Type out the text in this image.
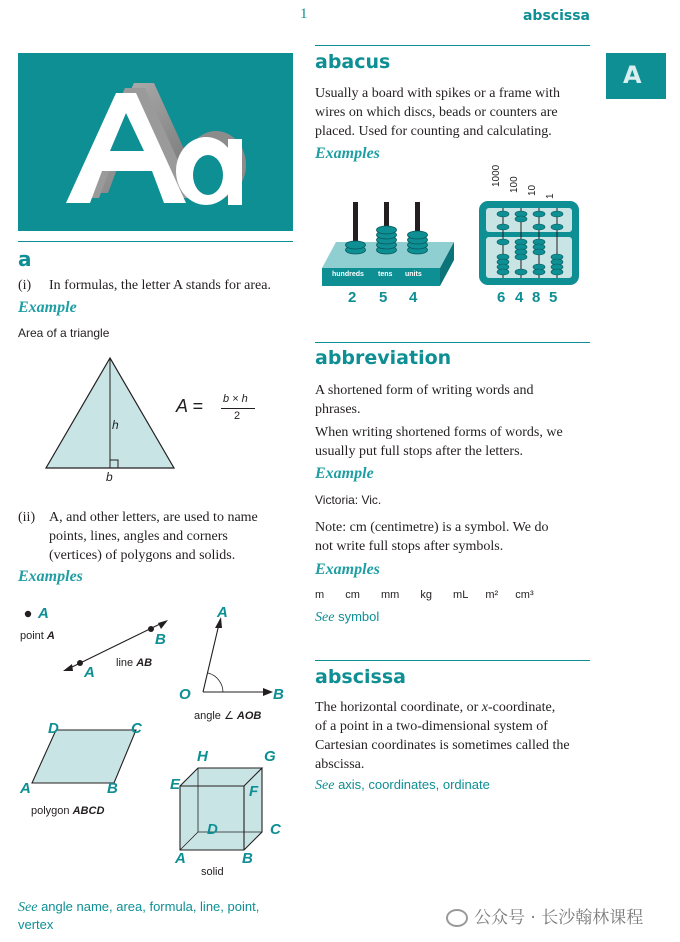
1	abscissa
a
(i) In formulas, the letter A stands for area.
Example
Area of a triangle
h
b
A = b × h
2
(ii) A, and other letters, are used to name
points, lines, angles and corners
(vertices) of polygons and solids.
Examples
A
point A
A
B
line AB
A
O	B
angle ∠ AOB
D	C
A	B
polygon ABCD
H	G
E	F
D	C
A	B
solid
See angle name, area, formula, line, point,
vertex
A
abacus
Usually a board with spikes or a frame with
wires on which discs, beads or counters are
placed. Used for counting and calculating.
Examples
hundreds tens units
2 5 4
1000 100 10
1
6 4 8 5
abbreviation
A shortened form of writing words and
phrases.
When writing shortened forms of words, we
usually put full stops after the letters.
Example
Victoria: Vic.
Note: cm (centimetre) is a symbol. We do
not write full stops after symbols.
Examples
m cm mm kg mL m² cm³
See symbol
abscissa
The horizontal coordinate, or x-coordinate,
of a point in a two-dimensional system of
Cartesian coordinates is sometimes called the
abscissa.
See axis, coordinates, ordinate
公众号 · 长沙翰林课程
